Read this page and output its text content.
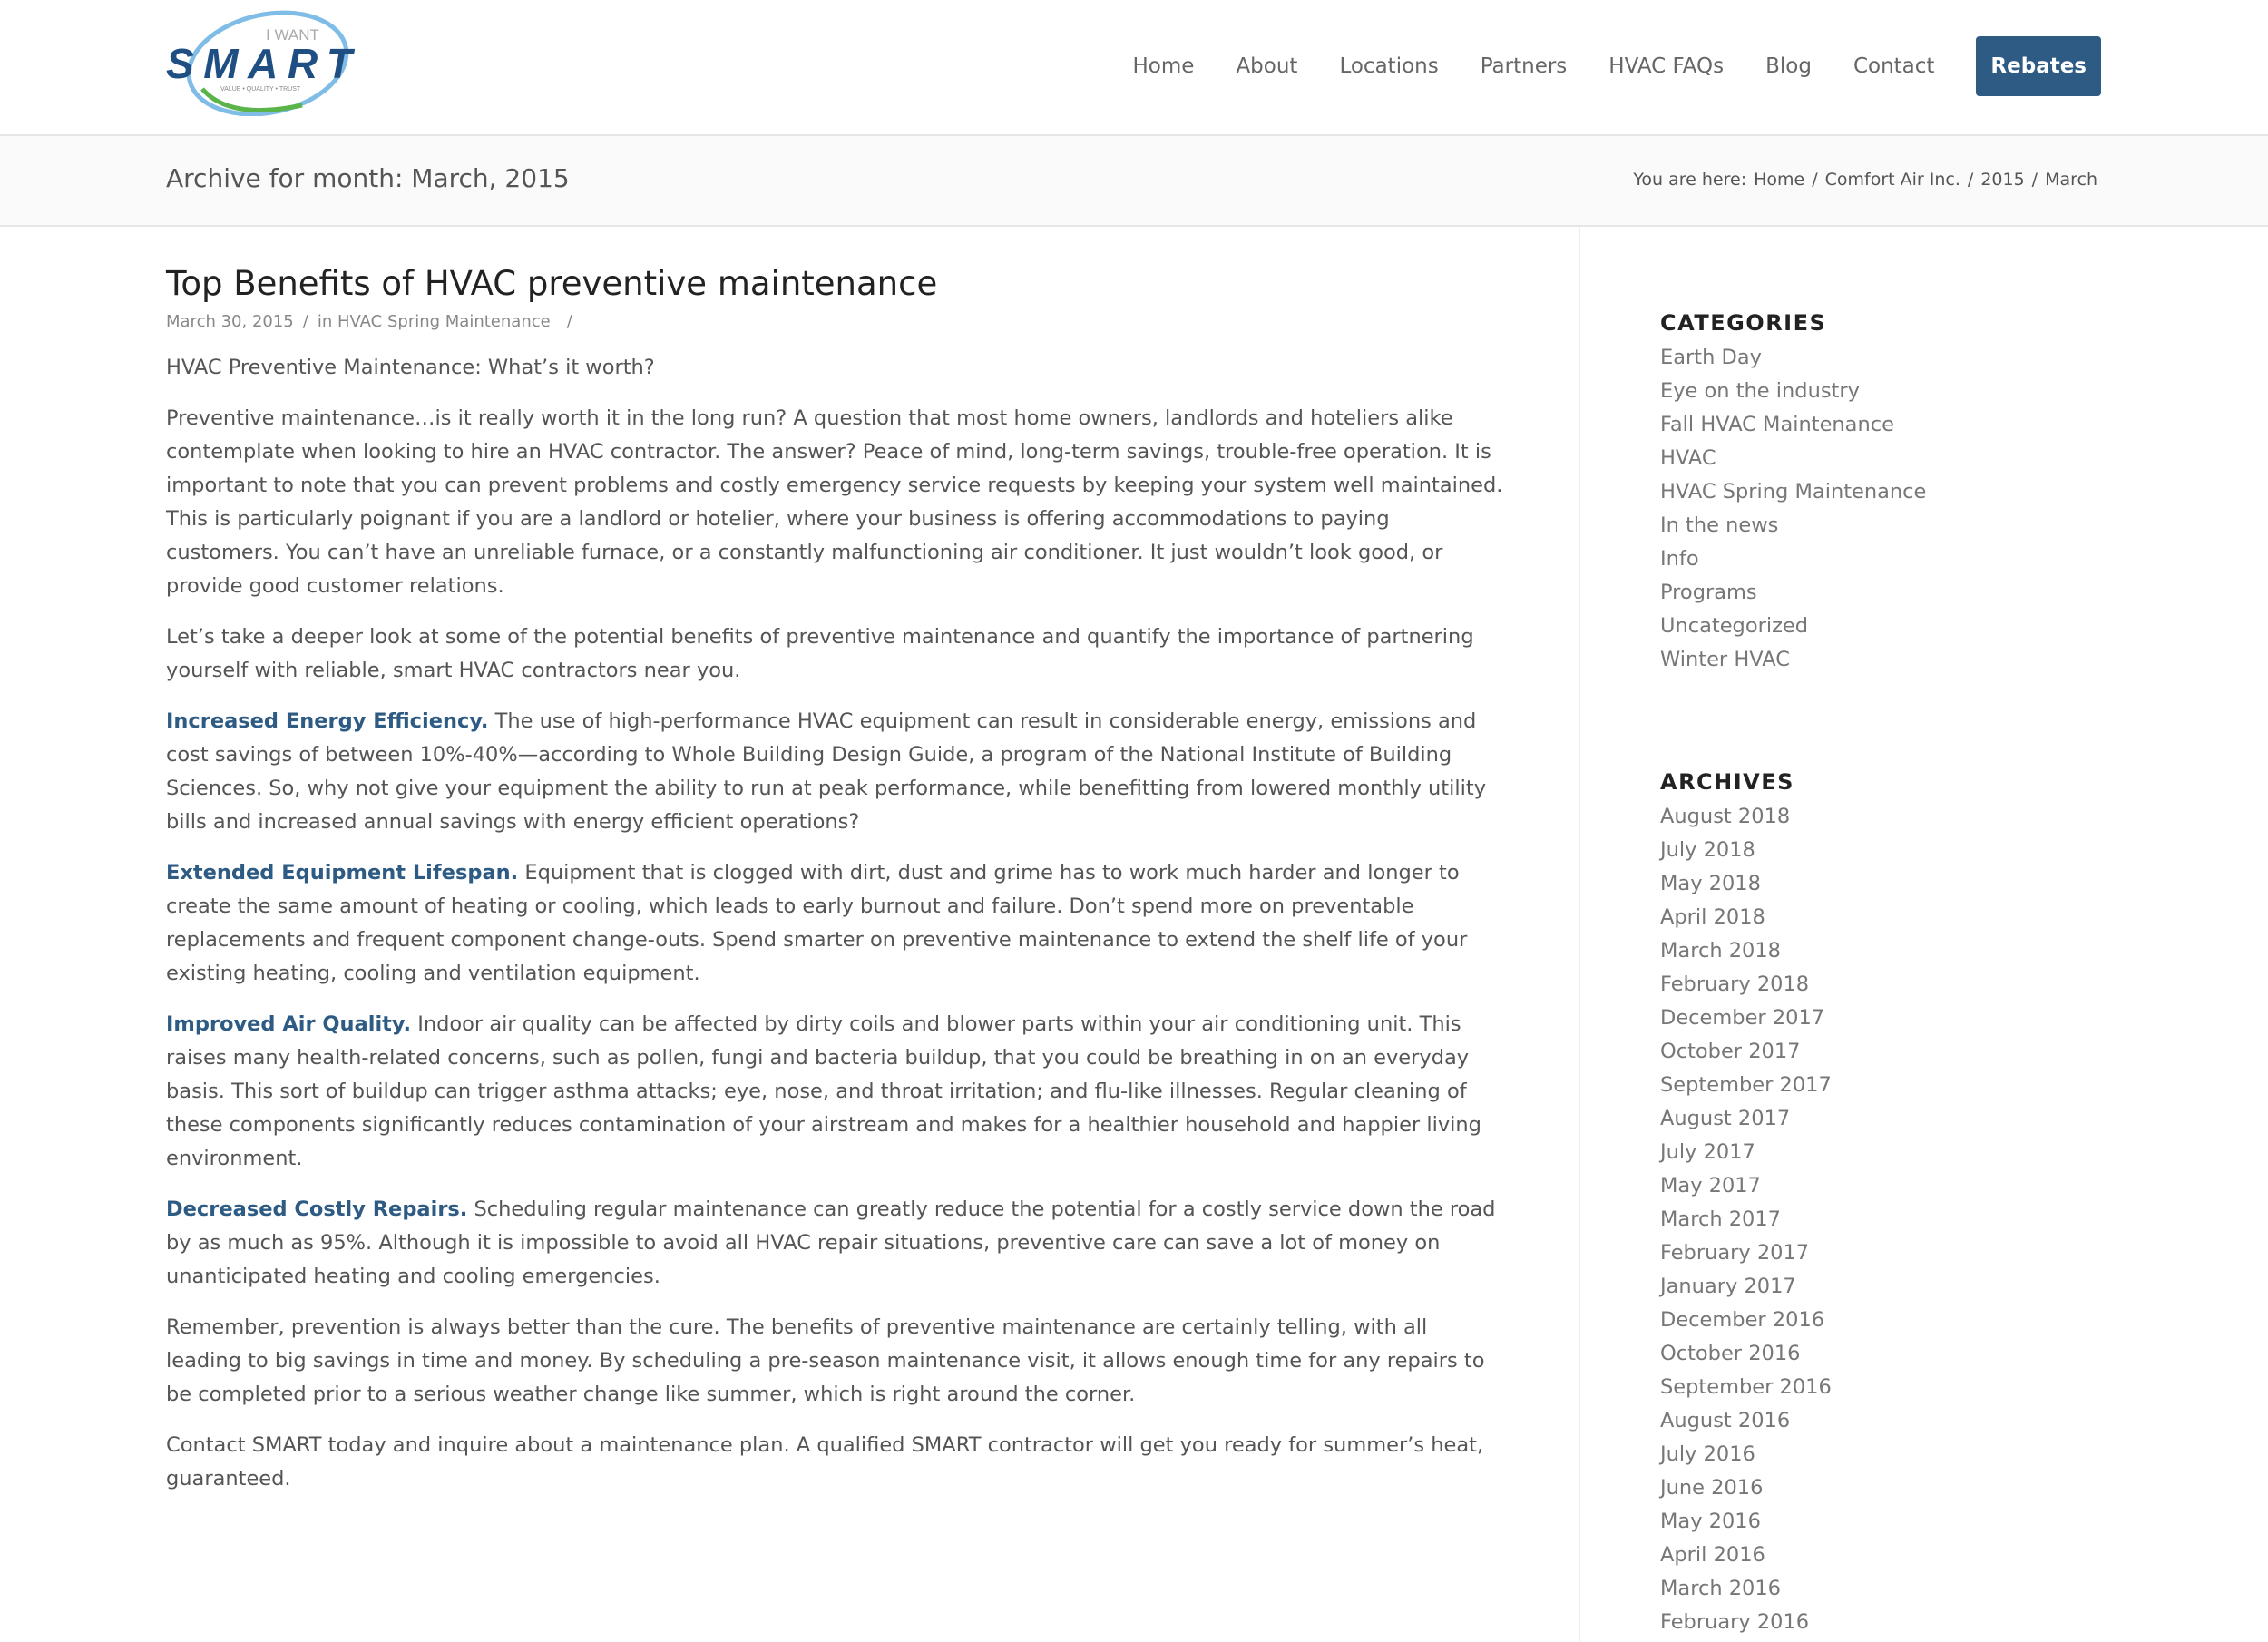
I WANT
SMART
VALUE • QUALITY • TRUST
Home	About	Locations	Partners	HVAC FAQs	Blog	Contact	Rebates
Archive for month: March, 2015	You are here: Home / Comfort Air Inc. / 2015 / March
Top Benefits of HVAC preventive maintenance
March 30, 2015 / in HVAC Spring Maintenance /

HVAC Preventive Maintenance: What’s it worth?

Preventive maintenance…is it really worth it in the long run? A question that most home owners, landlords and hoteliers alike contemplate when looking to hire an HVAC contractor. The answer? Peace of mind, long-term savings, trouble-free operation. It is important to note that you can prevent problems and costly emergency service requests by keeping your system well maintained. This is particularly poignant if you are a landlord or hotelier, where your business is offering accommodations to paying customers. You can’t have an unreliable furnace, or a constantly malfunctioning air conditioner. It just wouldn’t look good, or provide good customer relations.

Let’s take a deeper look at some of the potential benefits of preventive maintenance and quantify the importance of partnering yourself with reliable, smart HVAC contractors near you.

Increased Energy Efficiency. The use of high-performance HVAC equipment can result in considerable energy, emissions and cost savings of between 10%-40%—according to Whole Building Design Guide, a program of the National Institute of Building Sciences. So, why not give your equipment the ability to run at peak performance, while benefitting from lowered monthly utility bills and increased annual savings with energy efficient operations?

Extended Equipment Lifespan. Equipment that is clogged with dirt, dust and grime has to work much harder and longer to create the same amount of heating or cooling, which leads to early burnout and failure. Don’t spend more on preventable replacements and frequent component change-outs. Spend smarter on preventive maintenance to extend the shelf life of your existing heating, cooling and ventilation equipment.

Improved Air Quality. Indoor air quality can be affected by dirty coils and blower parts within your air conditioning unit. This raises many health-related concerns, such as pollen, fungi and bacteria buildup, that you could be breathing in on an everyday basis. This sort of buildup can trigger asthma attacks; eye, nose, and throat irritation; and flu-like illnesses. Regular cleaning of these components significantly reduces contamination of your airstream and makes for a healthier household and happier living environment.

Decreased Costly Repairs. Scheduling regular maintenance can greatly reduce the potential for a costly service down the road by as much as 95%. Although it is impossible to avoid all HVAC repair situations, preventive care can save a lot of money on unanticipated heating and cooling emergencies.

Remember, prevention is always better than the cure. The benefits of preventive maintenance are certainly telling, with all leading to big savings in time and money. By scheduling a pre-season maintenance visit, it allows enough time for any repairs to be completed prior to a serious weather change like summer, which is right around the corner.

Contact SMART today and inquire about a maintenance plan. A qualified SMART contractor will get you ready for summer’s heat, guaranteed.

CATEGORIES
Earth Day
Eye on the industry
Fall HVAC Maintenance
HVAC
HVAC Spring Maintenance
In the news
Info
Programs
Uncategorized
Winter HVAC
ARCHIVES
August 2018
July 2018
May 2018
April 2018
March 2018
February 2018
December 2017
October 2017
September 2017
August 2017
July 2017
May 2017
March 2017
February 2017
January 2017
December 2016
October 2016
September 2016
August 2016
July 2016
June 2016
May 2016
April 2016
March 2016
February 2016
